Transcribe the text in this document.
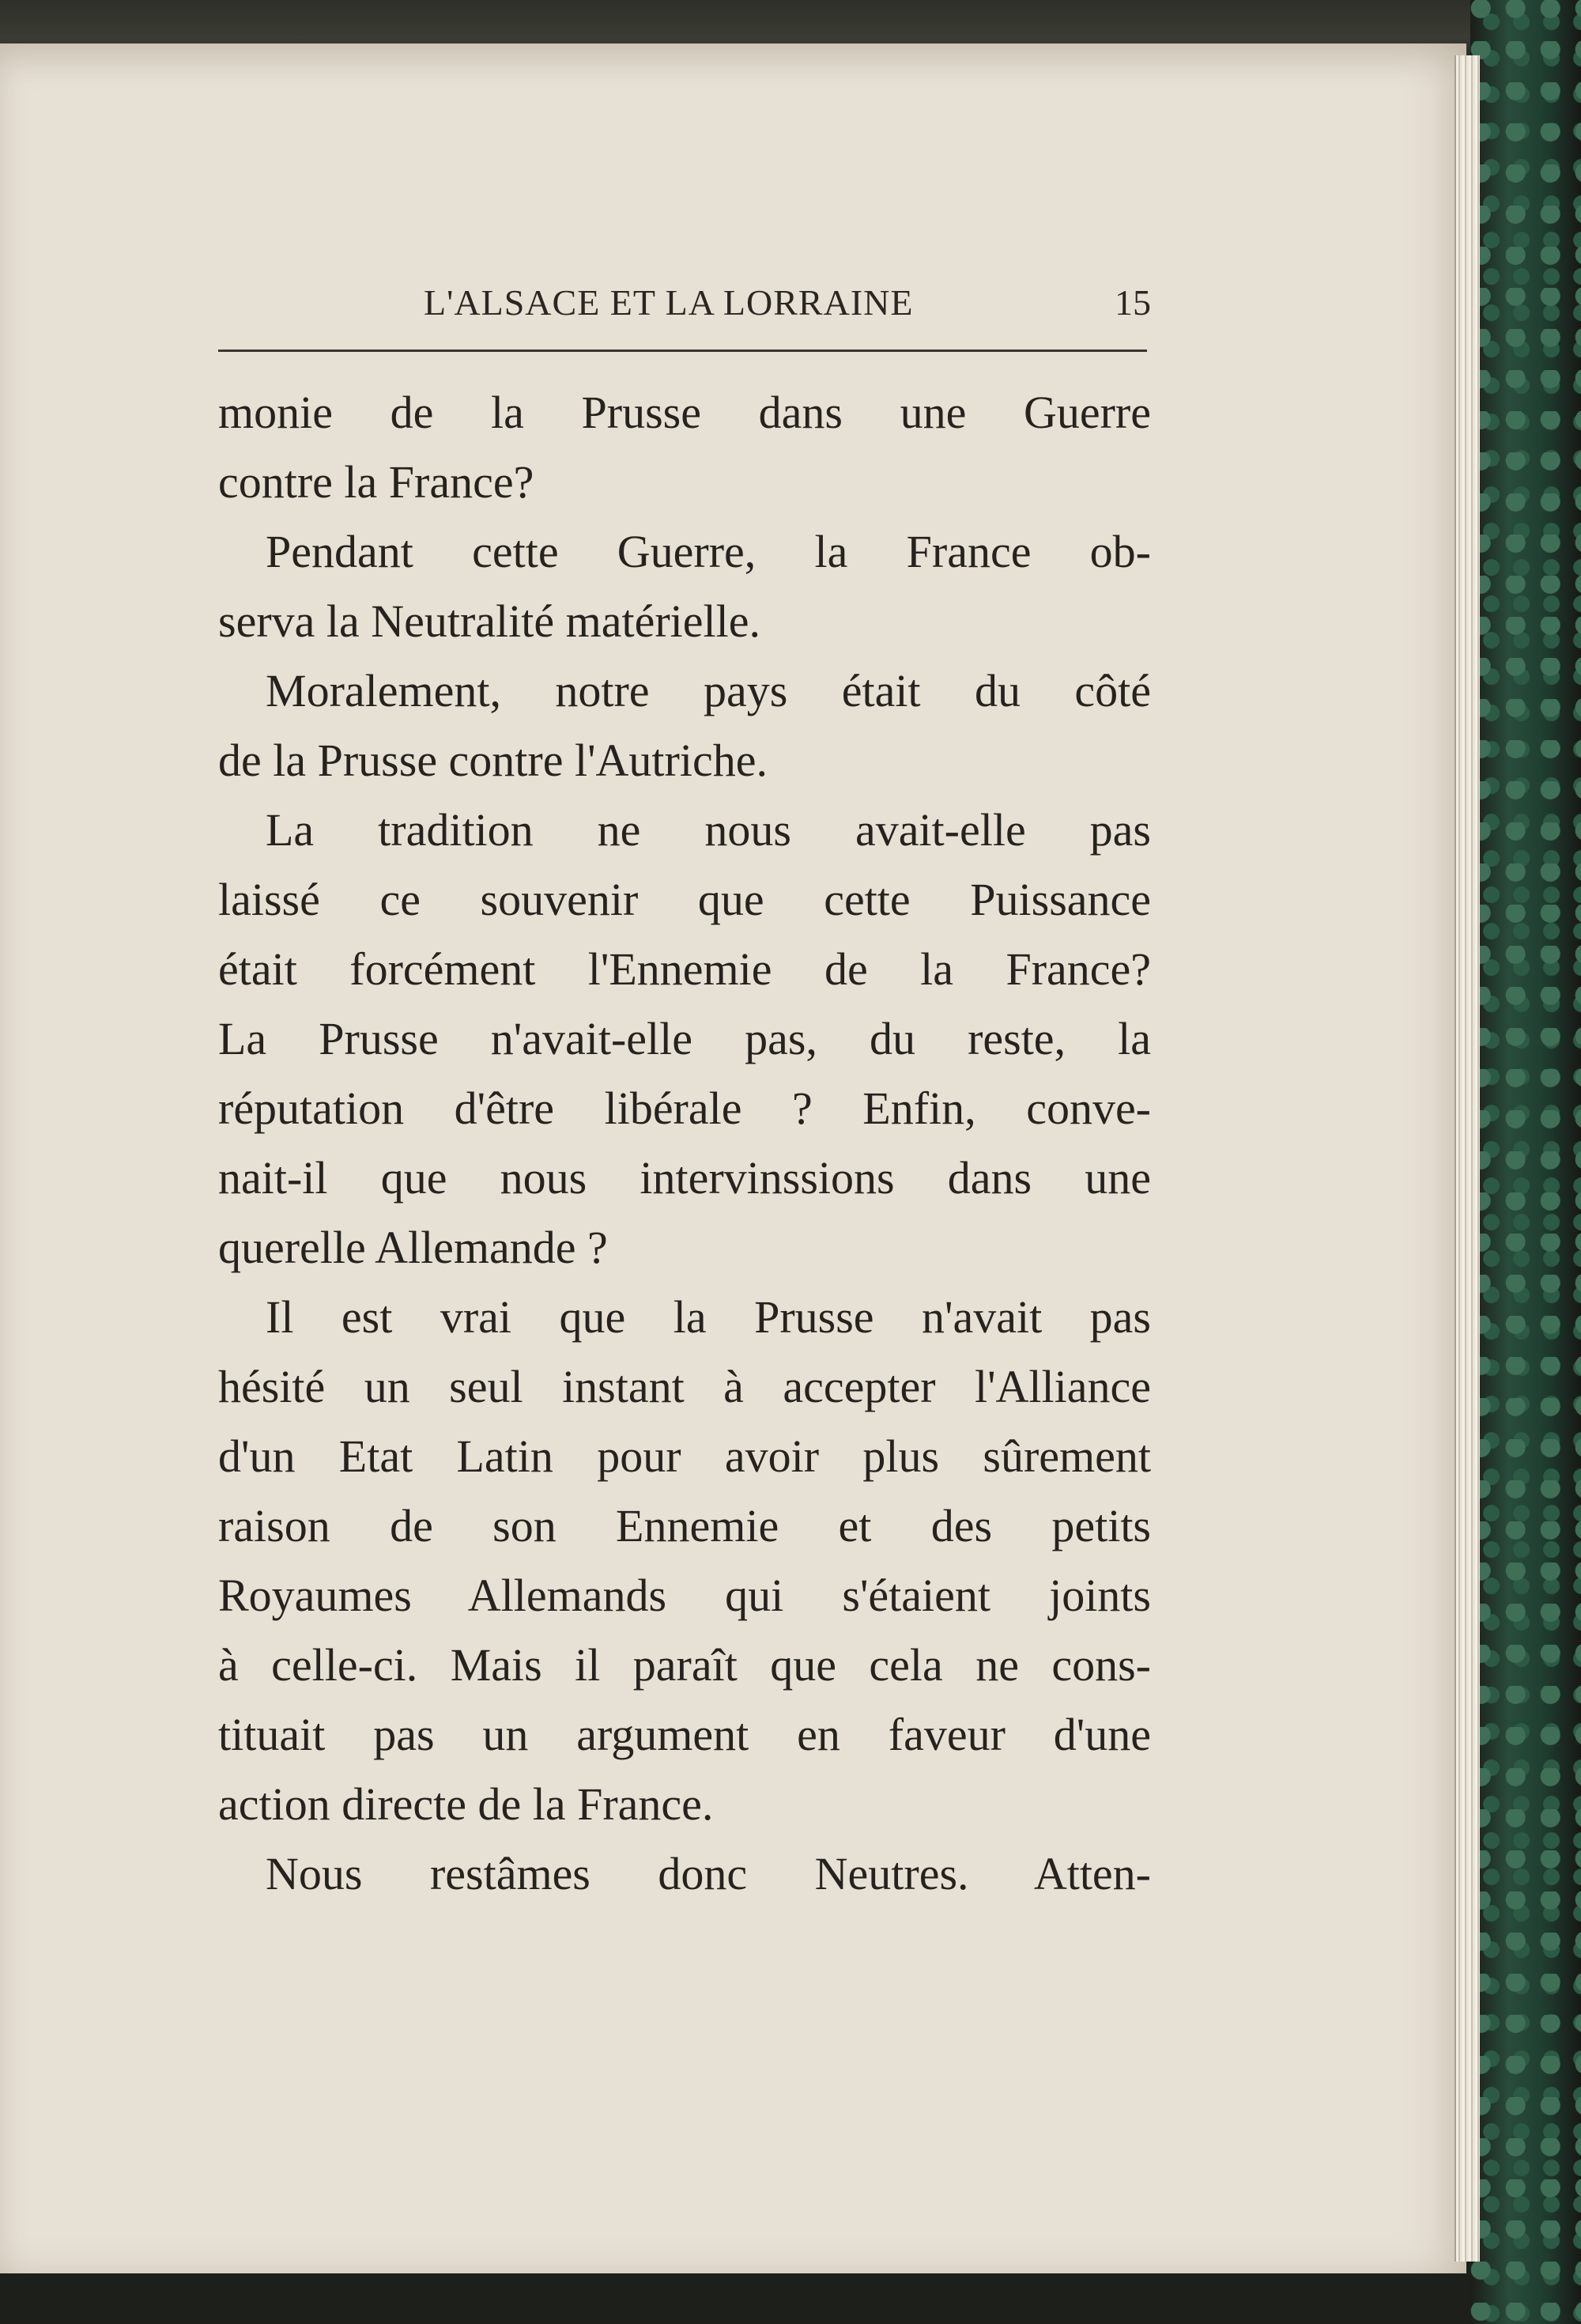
L'ALSACE ET LA LORRAINE	15
monie de la Prusse dans une Guerre
contre la France?
Pendant cette Guerre, la France ob-
serva la Neutralité matérielle.
Moralement, notre pays était du côté
de la Prusse contre l'Autriche.
La tradition ne nous avait-elle pas
laissé ce souvenir que cette Puissance
était forcément l'Ennemie de la France?
La Prusse n'avait-elle pas, du reste, la
réputation d'être libérale ? Enfin, conve-
nait-il que nous intervinssions dans une
querelle Allemande ?
Il est vrai que la Prusse n'avait pas
hésité un seul instant à accepter l'Alliance
d'un Etat Latin pour avoir plus sûrement
raison de son Ennemie et des petits
Royaumes Allemands qui s'étaient joints
à celle-ci. Mais il paraît que cela ne cons-
tituait pas un argument en faveur d'une
action directe de la France.
Nous restâmes donc Neutres. Atten-
